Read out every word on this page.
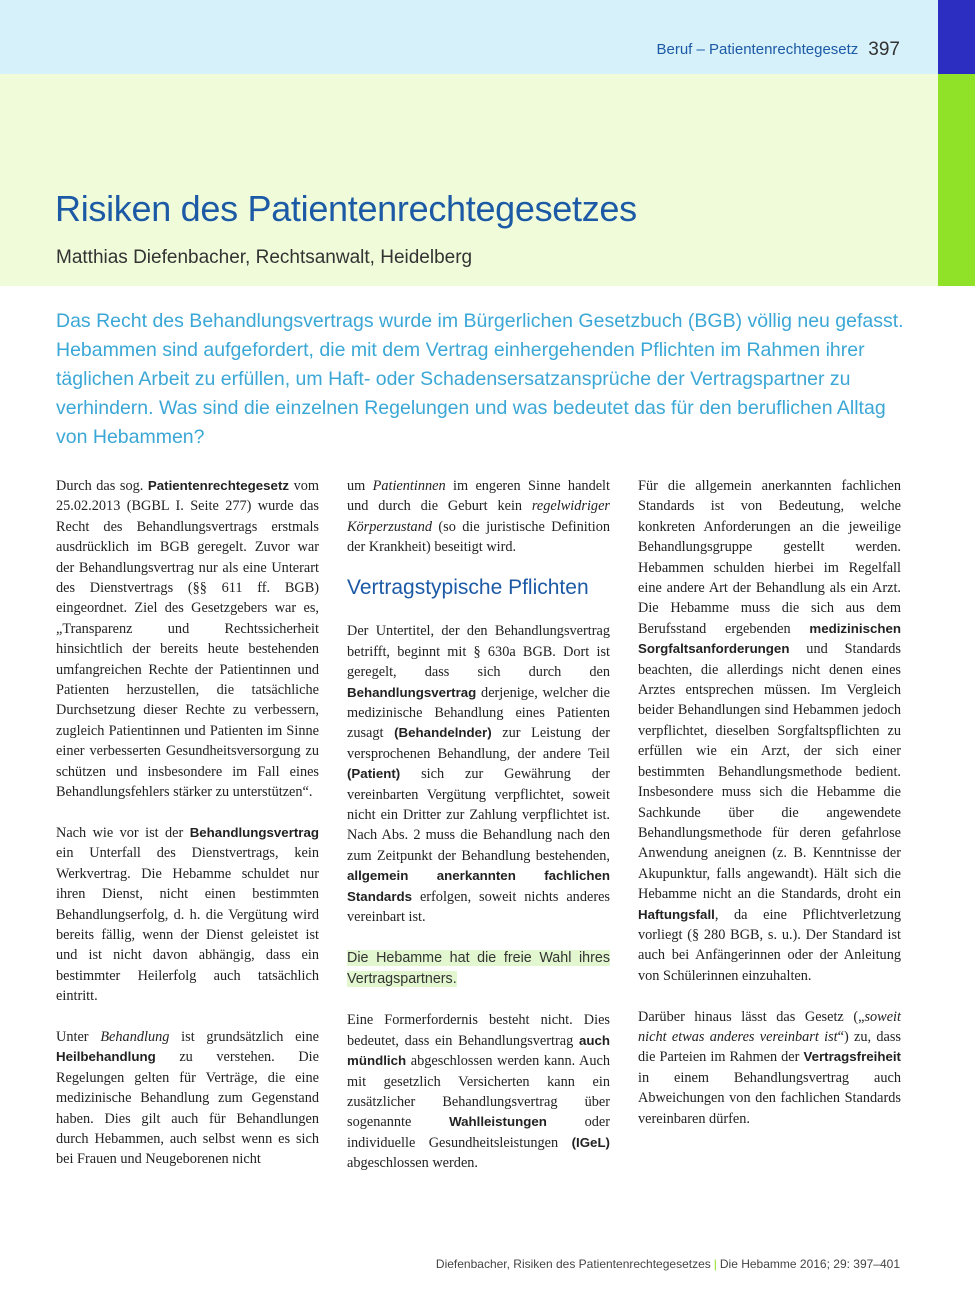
Beruf – Patientenrechtegesetz 397
Risiken des Patientenrechtegesetzes
Matthias Diefenbacher, Rechtsanwalt, Heidelberg

Das Recht des Behandlungsvertrags wurde im Bürgerlichen Gesetzbuch (BGB) völlig neu gefasst. Hebammen sind aufgefordert, die mit dem Vertrag einhergehenden Pflichten im Rahmen ihrer täglichen Arbeit zu erfüllen, um Haft- oder Schadensersatzansprüche der Vertragspartner zu verhindern. Was sind die einzelnen Regelungen und was bedeutet das für den beruflichen Alltag von Hebammen?

Durch das sog. Patientenrechtegesetz vom 25.02.2013 (BGBL I. Seite 277) wurde das Recht des Behandlungsvertrags erstmals ausdrücklich im BGB geregelt. Zuvor war der Behandlungsvertrag nur als eine Unterart des Dienstvertrags (§§ 611 ff. BGB) eingeordnet. Ziel des Gesetzgebers war es, „Transparenz und Rechtssicherheit hinsichtlich der bereits heute bestehenden umfangreichen Rechte der Patientinnen und Patienten herzustellen, die tatsächliche Durchsetzung dieser Rechte zu verbessern, zugleich Patientinnen und Patienten im Sinne einer verbesserten Gesundheitsversorgung zu schützen und insbesondere im Fall eines Behandlungsfehlers stärker zu unterstützen“.

Nach wie vor ist der Behandlungsvertrag ein Unterfall des Dienstvertrags, kein Werkvertrag. Die Hebamme schuldet nur ihren Dienst, nicht einen bestimmten Behandlungserfolg, d. h. die Vergütung wird bereits fällig, wenn der Dienst geleistet ist und ist nicht davon abhängig, dass ein bestimmter Heilerfolg auch tatsächlich eintritt.

Unter Behandlung ist grundsätzlich eine Heilbehandlung zu verstehen. Die Regelungen gelten für Verträge, die eine medizinische Behandlung zum Gegenstand haben. Dies gilt auch für Behandlungen durch Hebammen, auch selbst wenn es sich bei Frauen und Neugeborenen nicht

um Patientinnen im engeren Sinne handelt und durch die Geburt kein regelwidriger Körperzustand (so die juristische Definition der Krankheit) beseitigt wird.

Vertragstypische Pflichten

Der Untertitel, der den Behandlungsvertrag betrifft, beginnt mit § 630a BGB. Dort ist geregelt, dass sich durch den Behandlungsvertrag derjenige, welcher die medizinische Behandlung eines Patienten zusagt (Behandelnder) zur Leistung der versprochenen Behandlung, der andere Teil (Patient) sich zur Gewährung der vereinbarten Vergütung verpflichtet, soweit nicht ein Dritter zur Zahlung verpflichtet ist. Nach Abs. 2 muss die Behandlung nach den zum Zeitpunkt der Behandlung bestehenden, allgemein anerkannten fachlichen Standards erfolgen, soweit nichts anderes vereinbart ist.

Die Hebamme hat die freie Wahl ihres Vertragspartners.

Eine Formerfordernis besteht nicht. Dies bedeutet, dass ein Behandlungsvertrag auch mündlich abgeschlossen werden kann. Auch mit gesetzlich Versicherten kann ein zusätzlicher Behandlungsvertrag über sogenannte Wahlleistungen oder individuelle Gesundheitsleistungen (IGeL) abgeschlossen werden.

Für die allgemein anerkannten fachlichen Standards ist von Bedeutung, welche konkreten Anforderungen an die jeweilige Behandlungsgruppe gestellt werden. Hebammen schulden hierbei im Regelfall eine andere Art der Behandlung als ein Arzt. Die Hebamme muss die sich aus dem Berufsstand ergebenden medizinischen Sorgfaltsanforderungen und Standards beachten, die allerdings nicht denen eines Arztes entsprechen müssen. Im Vergleich beider Behandlungen sind Hebammen jedoch verpflichtet, dieselben Sorgfaltspflichten zu erfüllen wie ein Arzt, der sich einer bestimmten Behandlungsmethode bedient. Insbesondere muss sich die Hebamme die Sachkunde über die angewendete Behandlungsmethode für deren gefahrlose Anwendung aneignen (z. B. Kenntnisse der Akupunktur, falls angewandt). Hält sich die Hebamme nicht an die Standards, droht ein Haftungsfall, da eine Pflichtverletzung vorliegt (§ 280 BGB, s. u.). Der Standard ist auch bei Anfängerinnen oder der Anleitung von Schülerinnen einzuhalten.

Darüber hinaus lässt das Gesetz („soweit nicht etwas anderes vereinbart ist“) zu, dass die Parteien im Rahmen der Vertragsfreiheit in einem Behandlungsvertrag auch Abweichungen von den fachlichen Standards vereinbaren dürfen.

Diefenbacher, Risiken des Patientenrechtegesetzes | Die Hebamme 2016; 29: 397–401
